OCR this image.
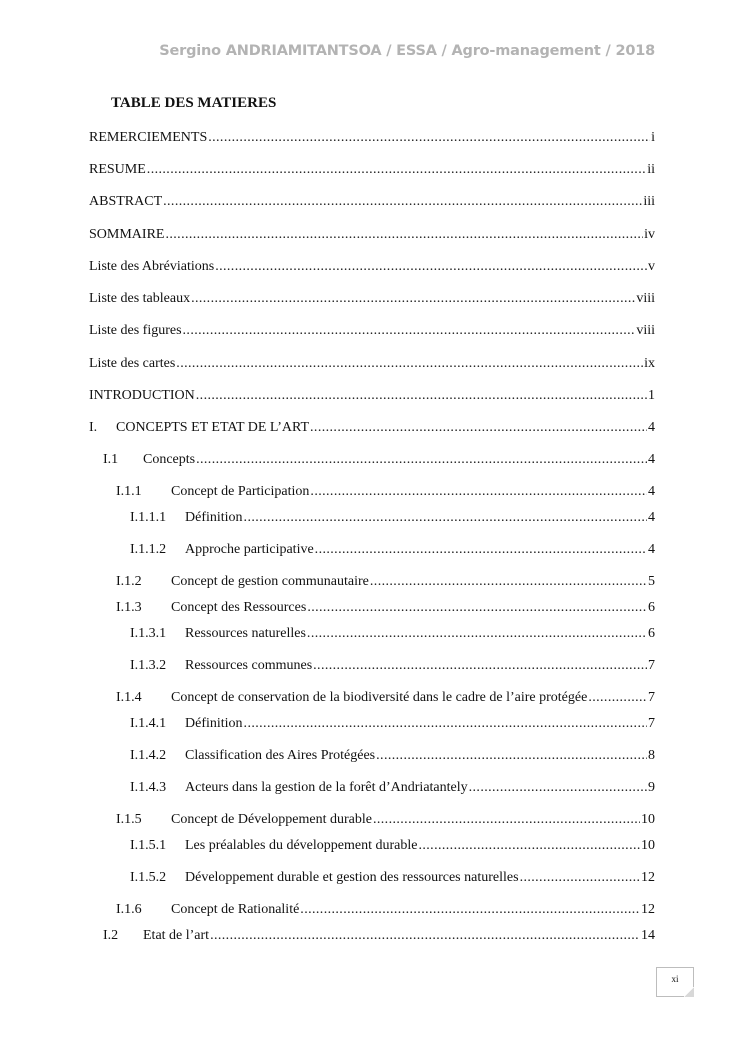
Sergino ANDRIAMITANTSOA / ESSA / Agro-management / 2018
TABLE DES MATIERES
REMERCIEMENTS .....	i
RESUME .....	ii
ABSTRACT .....	iii
SOMMAIRE .....	iv
Liste des Abréviations .....	v
Liste des tableaux .....	viii
Liste des figures .....	viii
Liste des cartes .....	ix
INTRODUCTION .....	1
I.	CONCEPTS ET ETAT DE L’ART .....	4
I.1	Concepts .....	4
I.1.1	Concept de Participation .....	4
I.1.1.1	Définition .....	4
I.1.1.2	Approche participative .....	4
I.1.2	Concept de gestion communautaire .....	5
I.1.3	Concept des Ressources .....	6
I.1.3.1	Ressources naturelles .....	6
I.1.3.2	Ressources communes .....	7
I.1.4	Concept de conservation de la biodiversité dans le cadre de l’aire protégée .....	7
I.1.4.1	Définition .....	7
I.1.4.2	Classification des Aires Protégées .....	8
I.1.4.3	Acteurs dans la gestion de la forêt d’Andriatantely .....	9
I.1.5	Concept de Développement durable .....	10
I.1.5.1	Les préalables du développement durable .....	10
I.1.5.2	Développement durable et gestion des ressources naturelles .....	12
I.1.6	Concept de Rationalité .....	12
I.2	Etat de l’art .....	14
xi
